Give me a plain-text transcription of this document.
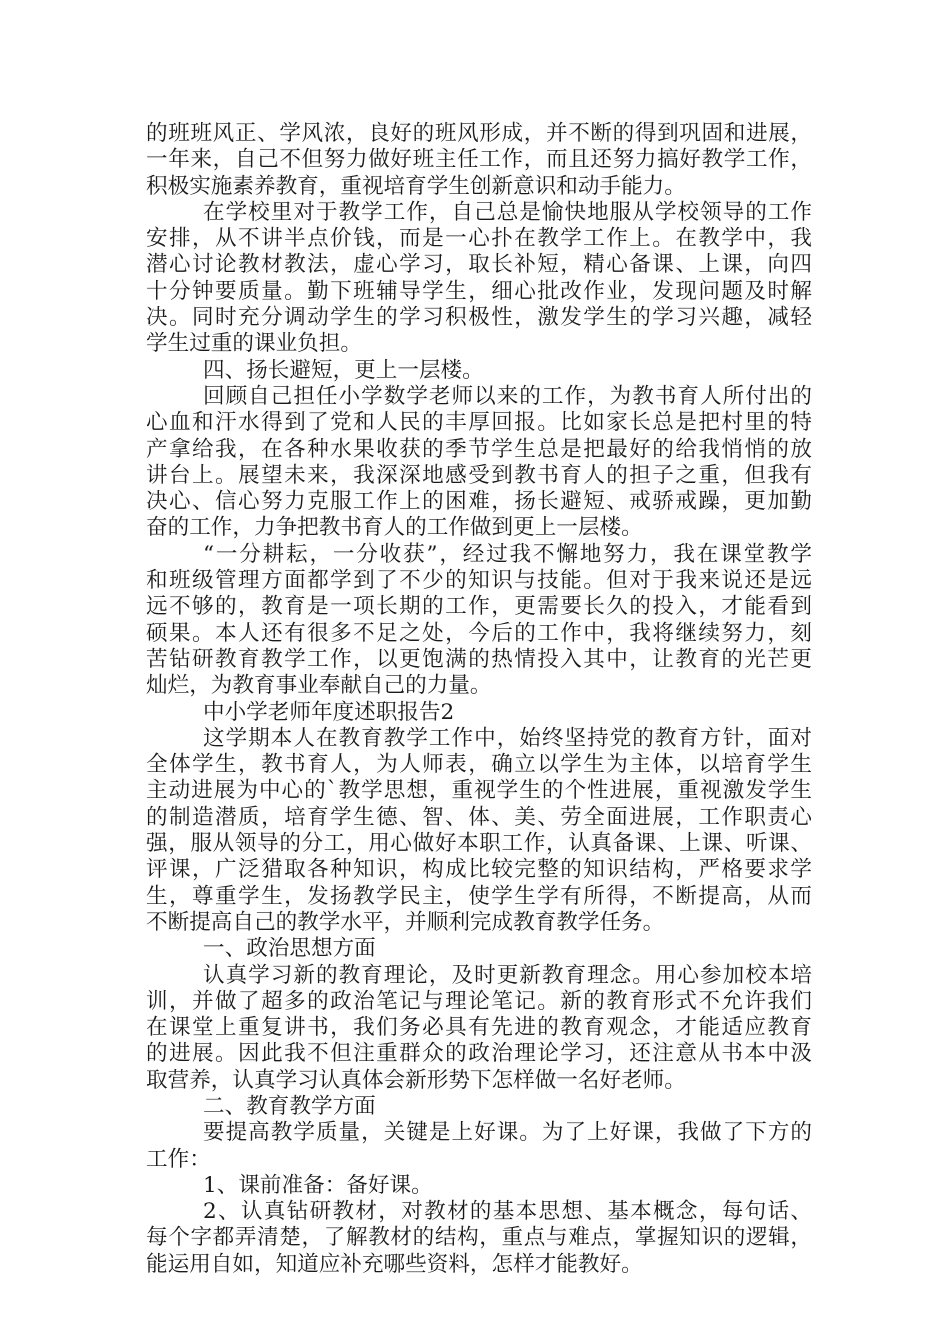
的班班风正、学风浓，良好的班风形成，并不断的得到巩固和进展，
一年来，自己不但努力做好班主任工作，而且还努力搞好教学工作，
积极实施素养教育，重视培育学生创新意识和动手能力。
在学校里对于教学工作，自己总是愉快地服从学校领导的工作
安排，从不讲半点价钱，而是一心扑在教学工作上。在教学中，我
潜心讨论教材教法，虚心学习，取长补短，精心备课、上课，向四
十分钟要质量。勤下班辅导学生，细心批改作业，发现问题及时解
决。同时充分调动学生的学习积极性，激发学生的学习兴趣，减轻
学生过重的课业负担。
四、扬长避短，更上一层楼。
回顾自己担任小学数学老师以来的工作，为教书育人所付出的
心血和汗水得到了党和人民的丰厚回报。比如家长总是把村里的特
产拿给我，在各种水果收获的季节学生总是把最好的给我悄悄的放
讲台上。展望未来，我深深地感受到教书育人的担子之重，但我有
决心、信心努力克服工作上的困难，扬长避短、戒骄戒躁，更加勤
奋的工作，力争把教书育人的工作做到更上一层楼。
“一分耕耘，一分收获”，经过我不懈地努力，我在课堂教学
和班级管理方面都学到了不少的知识与技能。但对于我来说还是远
远不够的，教育是一项长期的工作，更需要长久的投入，才能看到
硕果。本人还有很多不足之处，今后的工作中，我将继续努力，刻
苦钻研教育教学工作，以更饱满的热情投入其中，让教育的光芒更
灿烂，为教育事业奉献自己的力量。
中小学老师年度述职报告2
这学期本人在教育教学工作中，始终坚持党的教育方针，面对
全体学生，教书育人，为人师表，确立以学生为主体，以培育学生
主动进展为中心的`教学思想，重视学生的个性进展，重视激发学生
的制造潜质，培育学生德、智、体、美、劳全面进展，工作职责心
强，服从领导的分工，用心做好本职工作，认真备课、上课、听课、
评课，广泛猎取各种知识，构成比较完整的知识结构，严格要求学
生，尊重学生，发扬教学民主，使学生学有所得，不断提高，从而
不断提高自己的教学水平，并顺利完成教育教学任务。
一、政治思想方面
认真学习新的教育理论，及时更新教育理念。用心参加校本培
训，并做了超多的政治笔记与理论笔记。新的教育形式不允许我们
在课堂上重复讲书，我们务必具有先进的教育观念，才能适应教育
的进展。因此我不但注重群众的政治理论学习，还注意从书本中汲
取营养，认真学习认真体会新形势下怎样做一名好老师。
二、教育教学方面
要提高教学质量，关键是上好课。为了上好课，我做了下方的
工作：
1、课前准备：备好课。
2、认真钻研教材，对教材的基本思想、基本概念，每句话、
每个字都弄清楚，了解教材的结构，重点与难点，掌握知识的逻辑，
能运用自如，知道应补充哪些资料，怎样才能教好。
